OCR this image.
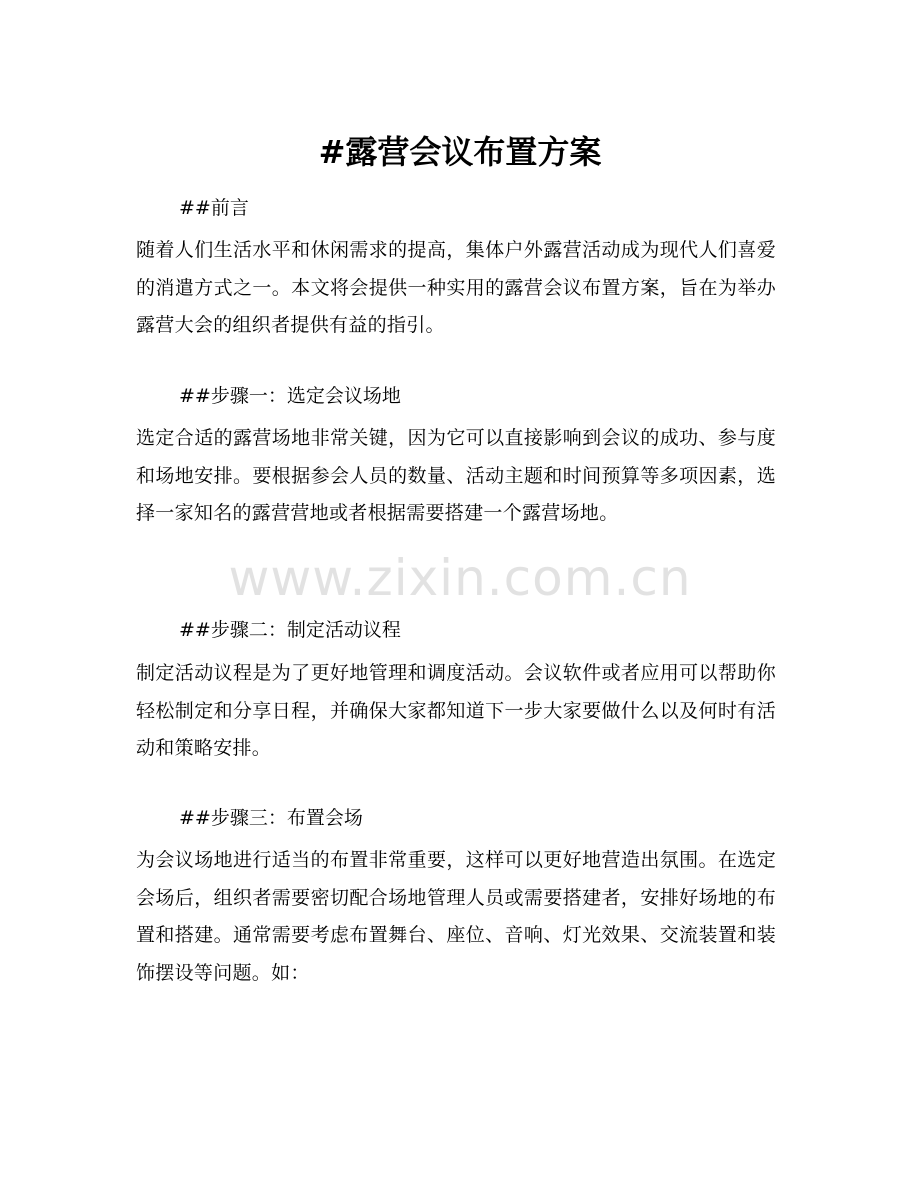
#露营会议布置方案
##前言
随着人们生活水平和休闲需求的提高，集体户外露营活动成为现代人们喜爱的消遣方式之一。本文将会提供一种实用的露营会议布置方案，旨在为举办露营大会的组织者提供有益的指引。
##步骤一：选定会议场地
选定合适的露营场地非常关键，因为它可以直接影响到会议的成功、参与度和场地安排。要根据参会人员的数量、活动主题和时间预算等多项因素，选择一家知名的露营营地或者根据需要搭建一个露营场地。
##步骤二：制定活动议程
制定活动议程是为了更好地管理和调度活动。会议软件或者应用可以帮助你轻松制定和分享日程，并确保大家都知道下一步大家要做什么以及何时有活动和策略安排。
##步骤三：布置会场
为会议场地进行适当的布置非常重要，这样可以更好地营造出氛围。在选定会场后，组织者需要密切配合场地管理人员或需要搭建者，安排好场地的布置和搭建。通常需要考虑布置舞台、座位、音响、灯光效果、交流装置和装饰摆设等问题。如：
www.zixin.com.cn
